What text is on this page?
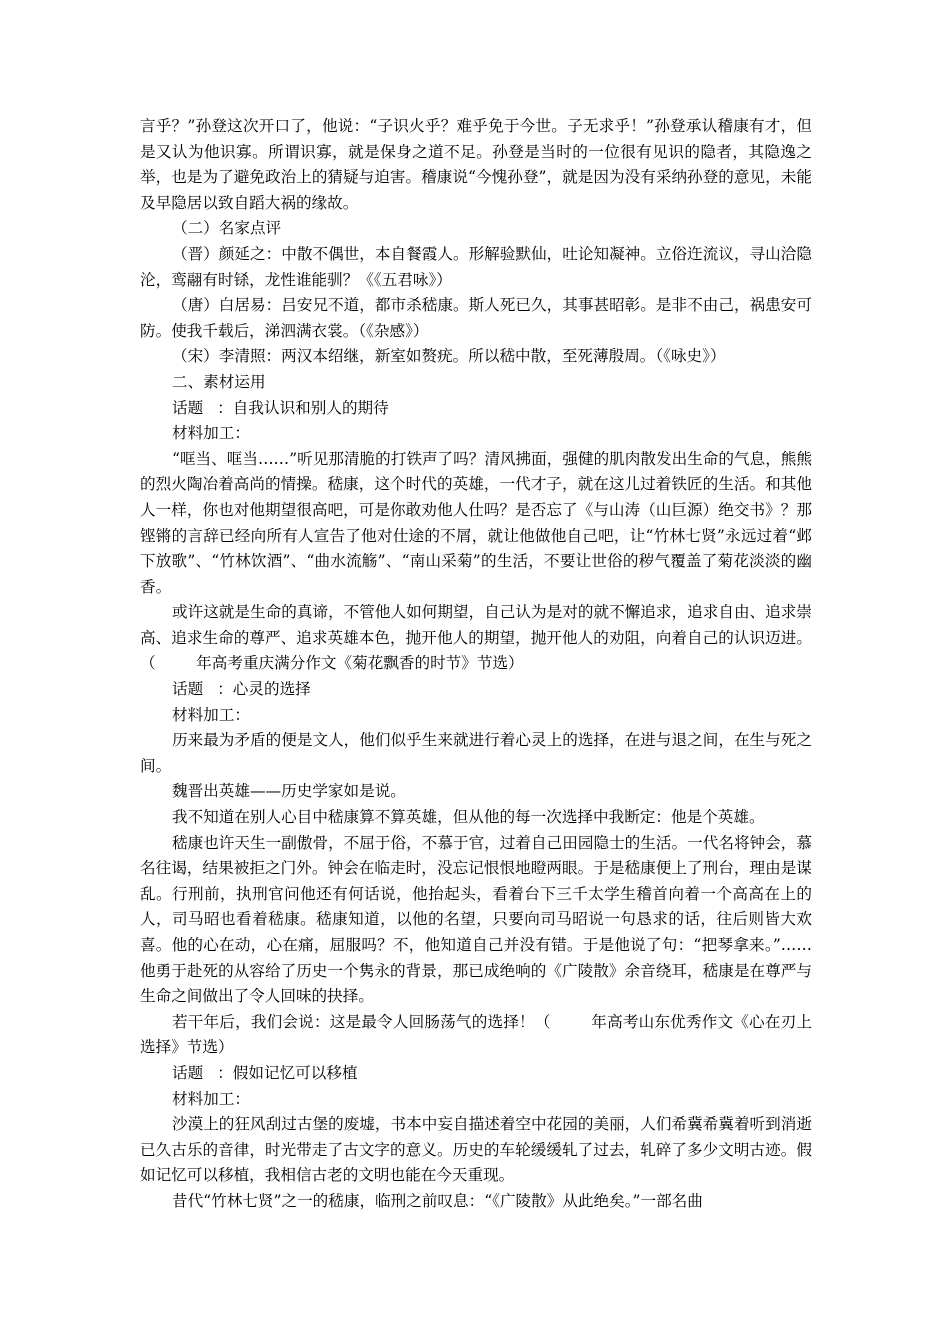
言乎？”孙登这次开口了，他说：“子识火乎？难乎免于今世。子无求乎！”孙登承认稽康有才，但是又认为他识寡。所谓识寡，就是保身之道不足。孙登是当时的一位很有见识的隐者，其隐逸之举，也是为了避免政治上的猜疑与迫害。稽康说“今愧孙登”，就是因为没有采纳孙登的意见，未能及早隐居以致自蹈大祸的缘故。

（二）名家点评

（晋）颜延之：中散不偶世，本自餐霞人。形解验默仙，吐论知凝神。立俗迕流议，寻山洽隐沦，鸾翮有时铩，龙性谁能驯？《《五君咏》）

（唐）白居易：吕安兄不道，都市杀嵇康。斯人死已久，其事甚昭彰。是非不由己，祸患安可防。使我千载后，涕泗满衣裳。（《杂感》）

（宋）李清照：两汉本绍继，新室如赘疣。所以嵇中散，至死薄殷周。（《咏史》）

二、素材运用

话题 ：自我认识和别人的期待

材料加工：

“哐当、哐当……”听见那清脆的打铁声了吗？清风拂面，强健的肌肉散发出生命的气息，熊熊的烈火陶冶着高尚的情操。嵇康，这个时代的英雄，一代才子，就在这儿过着铁匠的生活。和其他人一样，你也对他期望很高吧，可是你敢劝他人仕吗？是否忘了《与山涛（山巨源）绝交书》？那铿锵的言辞已经向所有人宣告了他对仕途的不屑，就让他做他自己吧，让“竹林七贤”永远过着“邺下放歌”、“竹林饮酒”、“曲水流觞”、“南山采菊”的生活，不要让世俗的秽气覆盖了菊花淡淡的幽香。

或许这就是生命的真谛，不管他人如何期望，自己认为是对的就不懈追求，追求自由、追求崇高、追求生命的尊严、追求英雄本色，抛开他人的期望，抛开他人的劝阻，向着自己的认识迈进。（	年高考重庆满分作文《菊花飘香的时节》节选）

话题 ：心灵的选择

材料加工：

历来最为矛盾的便是文人，他们似乎生来就进行着心灵上的选择，在进与退之间，在生与死之间。

魏晋出英雄——历史学家如是说。

我不知道在别人心目中嵇康算不算英雄，但从他的每一次选择中我断定：他是个英雄。

嵇康也许天生一副傲骨，不屈于俗，不慕于官，过着自己田园隐士的生活。一代名将钟会，慕名往谒，结果被拒之门外。钟会在临走时，没忘记恨恨地瞪两眼。于是嵇康便上了刑台，理由是谋乱。行刑前，执刑官问他还有何话说，他抬起头，看着台下三千太学生稽首向着一个高高在上的人，司马昭也看着嵇康。嵇康知道，以他的名望，只要向司马昭说一句恳求的话，往后则皆大欢喜。他的心在动，心在痛，屈服吗？不，他知道自己并没有错。于是他说了句：“把琴拿来。”……他勇于赴死的从容给了历史一个隽永的背景，那已成绝响的《广陵散》余音绕耳，嵇康是在尊严与生命之间做出了令人回味的抉择。

若干年后，我们会说：这是最令人回肠荡气的选择！（	年高考山东优秀作文《心在刃上选择》节选）

话题 ：假如记忆可以移植

材料加工：

沙漠上的狂风刮过古堡的废墟，书本中妄自描述着空中花园的美丽，人们希冀希冀着听到消逝已久古乐的音律，时光带走了古文字的意义。历史的车轮缓缓轧了过去，轧碎了多少文明古迹。假如记忆可以移植，我相信古老的文明也能在今天重现。

昔代“竹林七贤”之一的嵇康，临刑之前叹息：“《广陵散》从此绝矣。”一部名曲
